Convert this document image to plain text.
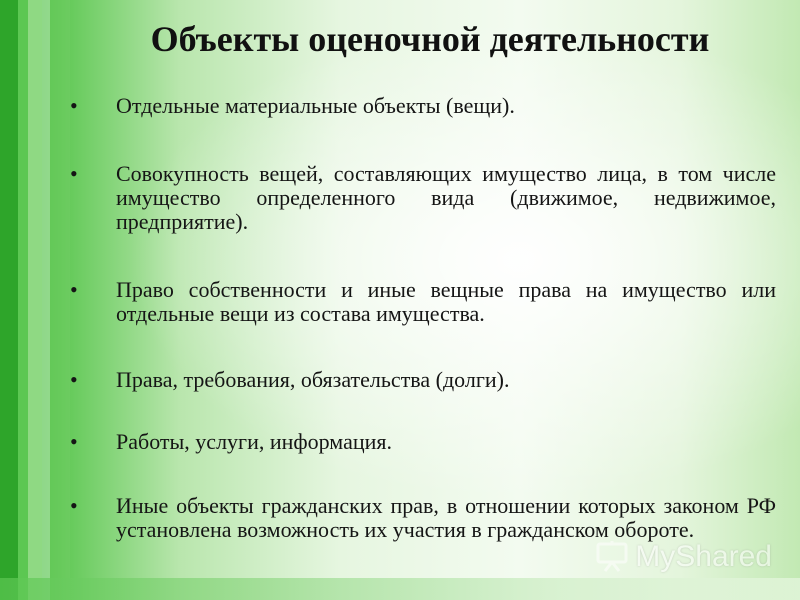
Объекты оценочной деятельности
•	Отдельные материальные объекты (вещи).
•	Совокупность вещей, составляющих имущество лица, в том числе имущество определенного вида (движимое, недвижимое, предприятие).
•	Право собственности и иные вещные права на имущество или отдельные вещи из состава имущества.
•	Права, требования, обязательства (долги).
•	Работы, услуги, информация.
•	Иные объекты гражданских прав, в отношении которых законом РФ установлена возможность их участия в гражданском обороте.
MyShared
